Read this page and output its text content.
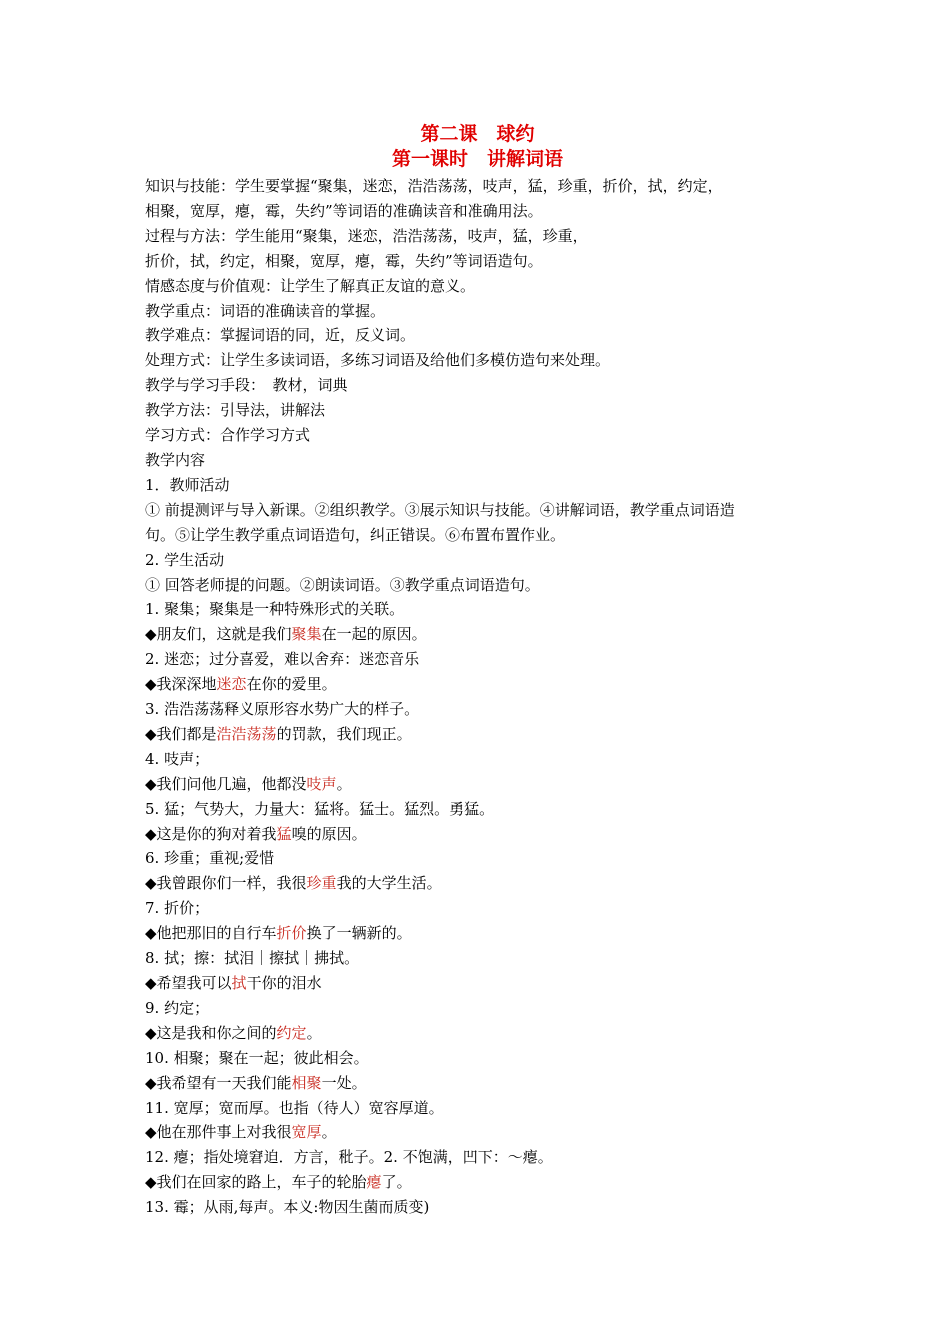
第二课　球约
第一课时　讲解词语
知识与技能：学生要掌握“聚集，迷恋，浩浩荡荡，吱声，猛，珍重，折价，拭，约定，
相聚，宽厚，瘪，霉，失约”等词语的准确读音和准确用法。
过程与方法：学生能用“聚集，迷恋，浩浩荡荡，吱声，猛，珍重，
折价，拭，约定，相聚，宽厚，瘪，霉，失约”等词语造句。
情感态度与价值观：让学生了解真正友谊的意义。
教学重点：词语的准确读音的掌握。
教学难点：掌握词语的同，近，反义词。
处理方式：让学生多读词语，多练习词语及给他们多模仿造句来处理。
教学与学习手段：　教材，词典
教学方法：引导法，讲解法
学习方式：合作学习方式
教学内容
1．教师活动
① 前提测评与导入新课。②组织教学。③展示知识与技能。④讲解词语，教学重点词语造
句。⑤让学生教学重点词语造句，纠正错误。⑥布置布置作业。
2. 学生活动
① 回答老师提的问题。②朗读词语。③教学重点词语造句。
1. 聚集；聚集是一种特殊形式的关联。
◆朋友们，这就是我们聚集在一起的原因。
2. 迷恋；过分喜爱，难以舍弃：迷恋音乐
◆我深深地迷恋在你的爱里。
3. 浩浩荡荡释义原形容水势广大的样子。
◆我们都是浩浩荡荡的罚款，我们现正。
4. 吱声；
◆我们问他几遍，他都没吱声。
5. 猛；气势大，力量大：猛将。猛士。猛烈。勇猛。
◆这是你的狗对着我猛嗅的原因。
6. 珍重；重视;爱惜
◆我曾跟你们一样，我很珍重我的大学生活。
7. 折价；
◆他把那旧的自行车折价换了一辆新的。
8. 拭；擦：拭泪｜擦拭｜拂拭。
◆希望我可以拭干你的泪水
9. 约定；
◆这是我和你之间的约定。
10. 相聚；聚在一起；彼此相会。
◆我希望有一天我们能相聚一处。
11. 宽厚；宽而厚。也指（待人）宽容厚道。
◆他在那件事上对我很宽厚。
12. 瘪；指处境窘迫．方言，秕子。2. 不饱满，凹下：～瘪。
◆我们在回家的路上，车子的轮胎瘪了。
13. 霉；从雨,每声。本义:物因生菌而质变)
